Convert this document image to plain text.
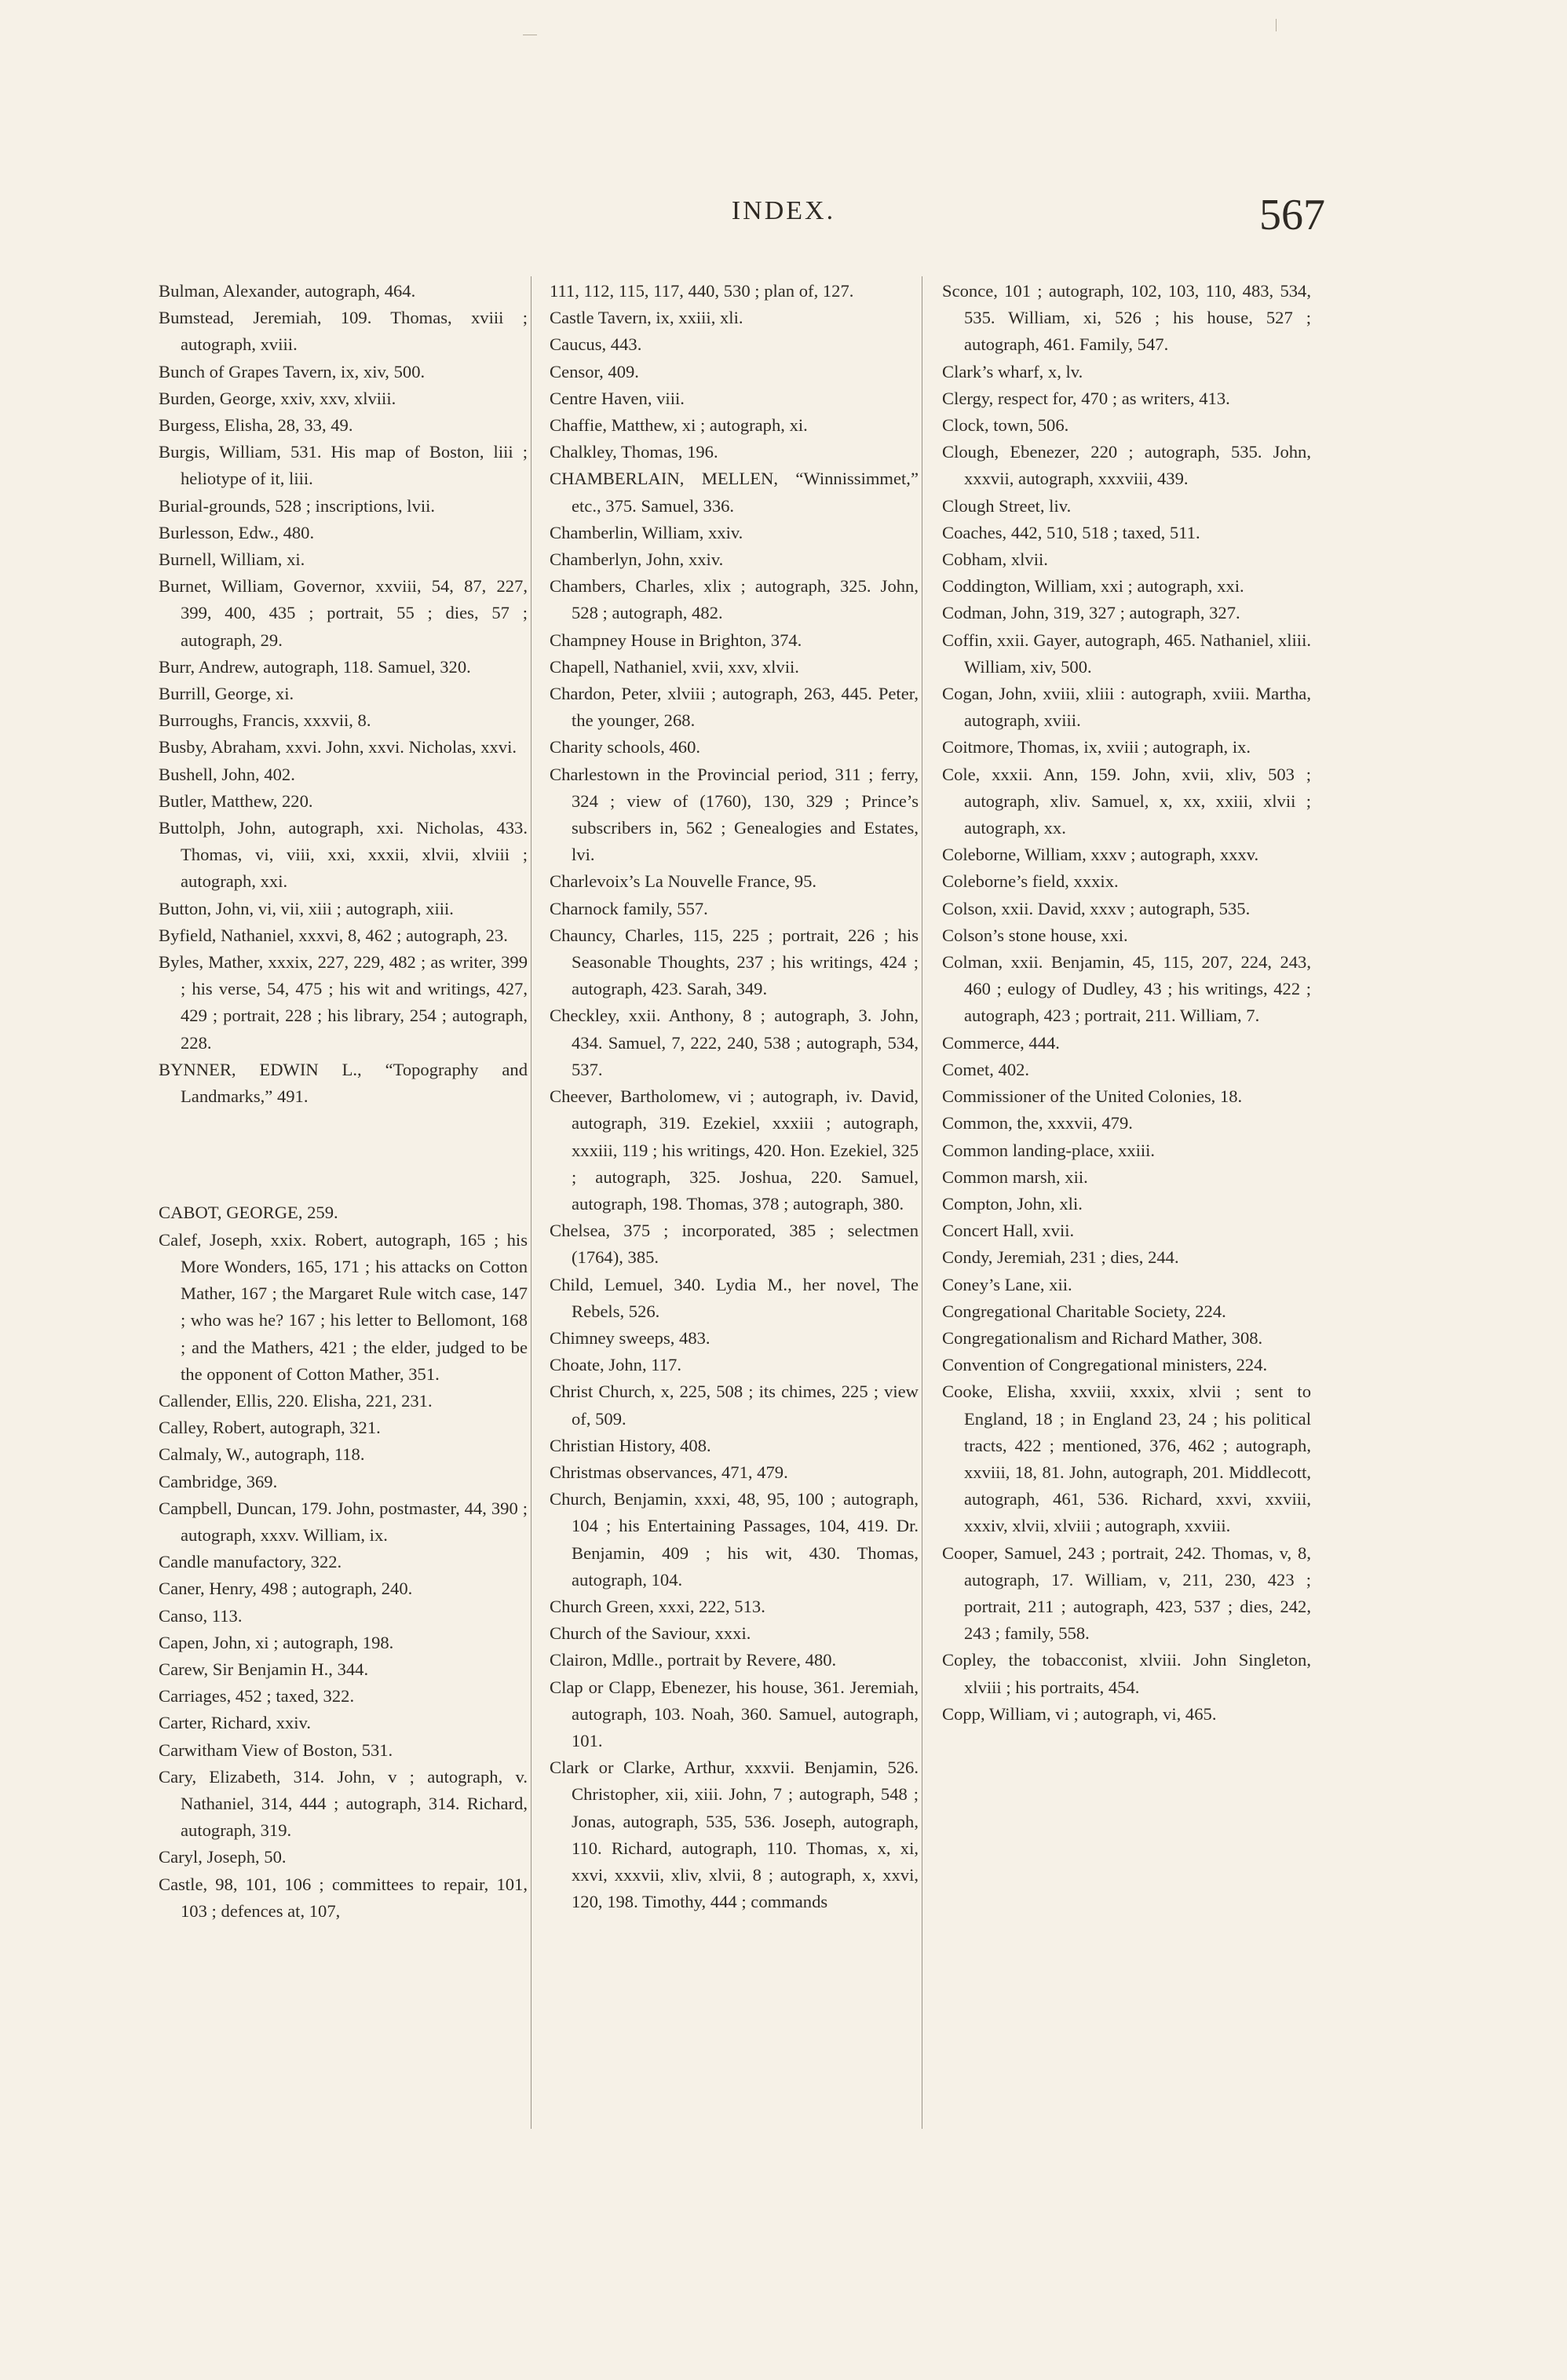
INDEX.	567

Bulman, Alexander, autograph, 464.

Bumstead, Jeremiah, 109. Thomas, xviii ; autograph, xviii.

Bunch of Grapes Tavern, ix, xiv, 500.

Burden, George, xxiv, xxv, xlviii.

Burgess, Elisha, 28, 33, 49.

Burgis, William, 531. His map of Boston, liii ; heliotype of it, liii.

Burial-grounds, 528 ; inscriptions, lvii.

Burlesson, Edw., 480.

Burnell, William, xi.

Burnet, William, Governor, xxviii, 54, 87, 227, 399, 400, 435 ; portrait, 55 ; dies, 57 ; autograph, 29.

Burr, Andrew, autograph, 118. Samuel, 320.

Burrill, George, xi.

Burroughs, Francis, xxxvii, 8.

Busby, Abraham, xxvi. John, xxvi. Nicholas, xxvi.

Bushell, John, 402.

Butler, Matthew, 220.

Buttolph, John, autograph, xxi. Nicholas, 433. Thomas, vi, viii, xxi, xxxii, xlvii, xlviii ; autograph, xxi.

Button, John, vi, vii, xiii ; autograph, xiii.

Byfield, Nathaniel, xxxvi, 8, 462 ; autograph, 23.

Byles, Mather, xxxix, 227, 229, 482 ; as writer, 399 ; his verse, 54, 475 ; his wit and writings, 427, 429 ; portrait, 228 ; his library, 254 ; autograph, 228.

BYNNER, EDWIN L., “Topography and Landmarks,” 491.

CABOT, GEORGE, 259.

Calef, Joseph, xxix. Robert, autograph, 165 ; his More Wonders, 165, 171 ; his attacks on Cotton Mather, 167 ; the Margaret Rule witch case, 147 ; who was he? 167 ; his letter to Bellomont, 168 ; and the Mathers, 421 ; the elder, judged to be the opponent of Cotton Mather, 351.

Callender, Ellis, 220. Elisha, 221, 231.

Calley, Robert, autograph, 321.

Calmaly, W., autograph, 118.

Cambridge, 369.

Campbell, Duncan, 179. John, postmaster, 44, 390 ; autograph, xxxv. William, ix.

Candle manufactory, 322.

Caner, Henry, 498 ; autograph, 240.

Canso, 113.

Capen, John, xi ; autograph, 198.

Carew, Sir Benjamin H., 344.

Carriages, 452 ; taxed, 322.

Carter, Richard, xxiv.

Carwitham View of Boston, 531.

Cary, Elizabeth, 314. John, v ; autograph, v. Nathaniel, 314, 444 ; autograph, 314. Richard, autograph, 319.

Caryl, Joseph, 50.

Castle, 98, 101, 106 ; committees to repair, 101, 103 ; defences at, 107,

111, 112, 115, 117, 440, 530 ; plan of, 127.

Castle Tavern, ix, xxiii, xli.

Caucus, 443.

Censor, 409.

Centre Haven, viii.

Chaffie, Matthew, xi ; autograph, xi.

Chalkley, Thomas, 196.

CHAMBERLAIN, MELLEN, “Winnissimmet,” etc., 375. Samuel, 336.

Chamberlin, William, xxiv.

Chamberlyn, John, xxiv.

Chambers, Charles, xlix ; autograph, 325. John, 528 ; autograph, 482.

Champney House in Brighton, 374.

Chapell, Nathaniel, xvii, xxv, xlvii.

Chardon, Peter, xlviii ; autograph, 263, 445. Peter, the younger, 268.

Charity schools, 460.

Charlestown in the Provincial period, 311 ; ferry, 324 ; view of (1760), 130, 329 ; Prince’s subscribers in, 562 ; Genealogies and Estates, lvi.

Charlevoix’s La Nouvelle France, 95.

Charnock family, 557.

Chauncy, Charles, 115, 225 ; portrait, 226 ; his Seasonable Thoughts, 237 ; his writings, 424 ; autograph, 423. Sarah, 349.

Checkley, xxii. Anthony, 8 ; autograph, 3. John, 434. Samuel, 7, 222, 240, 538 ; autograph, 534, 537.

Cheever, Bartholomew, vi ; autograph, iv. David, autograph, 319. Ezekiel, xxxiii ; autograph, xxxiii, 119 ; his writings, 420. Hon. Ezekiel, 325 ; autograph, 325. Joshua, 220. Samuel, autograph, 198. Thomas, 378 ; autograph, 380.

Chelsea, 375 ; incorporated, 385 ; selectmen (1764), 385.

Child, Lemuel, 340. Lydia M., her novel, The Rebels, 526.

Chimney sweeps, 483.

Choate, John, 117.

Christ Church, x, 225, 508 ; its chimes, 225 ; view of, 509.

Christian History, 408.

Christmas observances, 471, 479.

Church, Benjamin, xxxi, 48, 95, 100 ; autograph, 104 ; his Entertaining Passages, 104, 419. Dr. Benjamin, 409 ; his wit, 430. Thomas, autograph, 104.

Church Green, xxxi, 222, 513.

Church of the Saviour, xxxi.

Clairon, Mdlle., portrait by Revere, 480.

Clap or Clapp, Ebenezer, his house, 361. Jeremiah, autograph, 103. Noah, 360. Samuel, autograph, 101.

Clark or Clarke, Arthur, xxxvii. Benjamin, 526. Christopher, xii, xiii. John, 7 ; autograph, 548 ; Jonas, autograph, 535, 536. Joseph, autograph, 110. Richard, autograph, 110. Thomas, x, xi, xxvi, xxxvii, xliv, xlvii, 8 ; autograph, x, xxvi, 120, 198. Timothy, 444 ; commands

Sconce, 101 ; autograph, 102, 103, 110, 483, 534, 535. William, xi, 526 ; his house, 527 ; autograph, 461. Family, 547.

Clark’s wharf, x, lv.

Clergy, respect for, 470 ; as writers, 413.

Clock, town, 506.

Clough, Ebenezer, 220 ; autograph, 535. John, xxxvii, autograph, xxxviii, 439.

Clough Street, liv.

Coaches, 442, 510, 518 ; taxed, 511.

Cobham, xlvii.

Coddington, William, xxi ; autograph, xxi.

Codman, John, 319, 327 ; autograph, 327.

Coffin, xxii. Gayer, autograph, 465. Nathaniel, xliii. William, xiv, 500.

Cogan, John, xviii, xliii : autograph, xviii. Martha, autograph, xviii.

Coitmore, Thomas, ix, xviii ; autograph, ix.

Cole, xxxii. Ann, 159. John, xvii, xliv, 503 ; autograph, xliv. Samuel, x, xx, xxiii, xlvii ; autograph, xx.

Coleborne, William, xxxv ; autograph, xxxv.

Coleborne’s field, xxxix.

Colson, xxii. David, xxxv ; autograph, 535.

Colson’s stone house, xxi.

Colman, xxii. Benjamin, 45, 115, 207, 224, 243, 460 ; eulogy of Dudley, 43 ; his writings, 422 ; autograph, 423 ; portrait, 211. William, 7.

Commerce, 444.

Comet, 402.

Commissioner of the United Colonies, 18.

Common, the, xxxvii, 479.

Common landing-place, xxiii.

Common marsh, xii.

Compton, John, xli.

Concert Hall, xvii.

Condy, Jeremiah, 231 ; dies, 244.

Coney’s Lane, xii.

Congregational Charitable Society, 224.

Congregationalism and Richard Mather, 308.

Convention of Congregational ministers, 224.

Cooke, Elisha, xxviii, xxxix, xlvii ; sent to England, 18 ; in England 23, 24 ; his political tracts, 422 ; mentioned, 376, 462 ; autograph, xxviii, 18, 81. John, autograph, 201. Middlecott, autograph, 461, 536. Richard, xxvi, xxviii, xxxiv, xlvii, xlviii ; autograph, xxviii.

Cooper, Samuel, 243 ; portrait, 242. Thomas, v, 8, autograph, 17. William, v, 211, 230, 423 ; portrait, 211 ; autograph, 423, 537 ; dies, 242, 243 ; family, 558.

Copley, the tobacconist, xlviii. John Singleton, xlviii ; his portraits, 454.

Copp, William, vi ; autograph, vi, 465.
